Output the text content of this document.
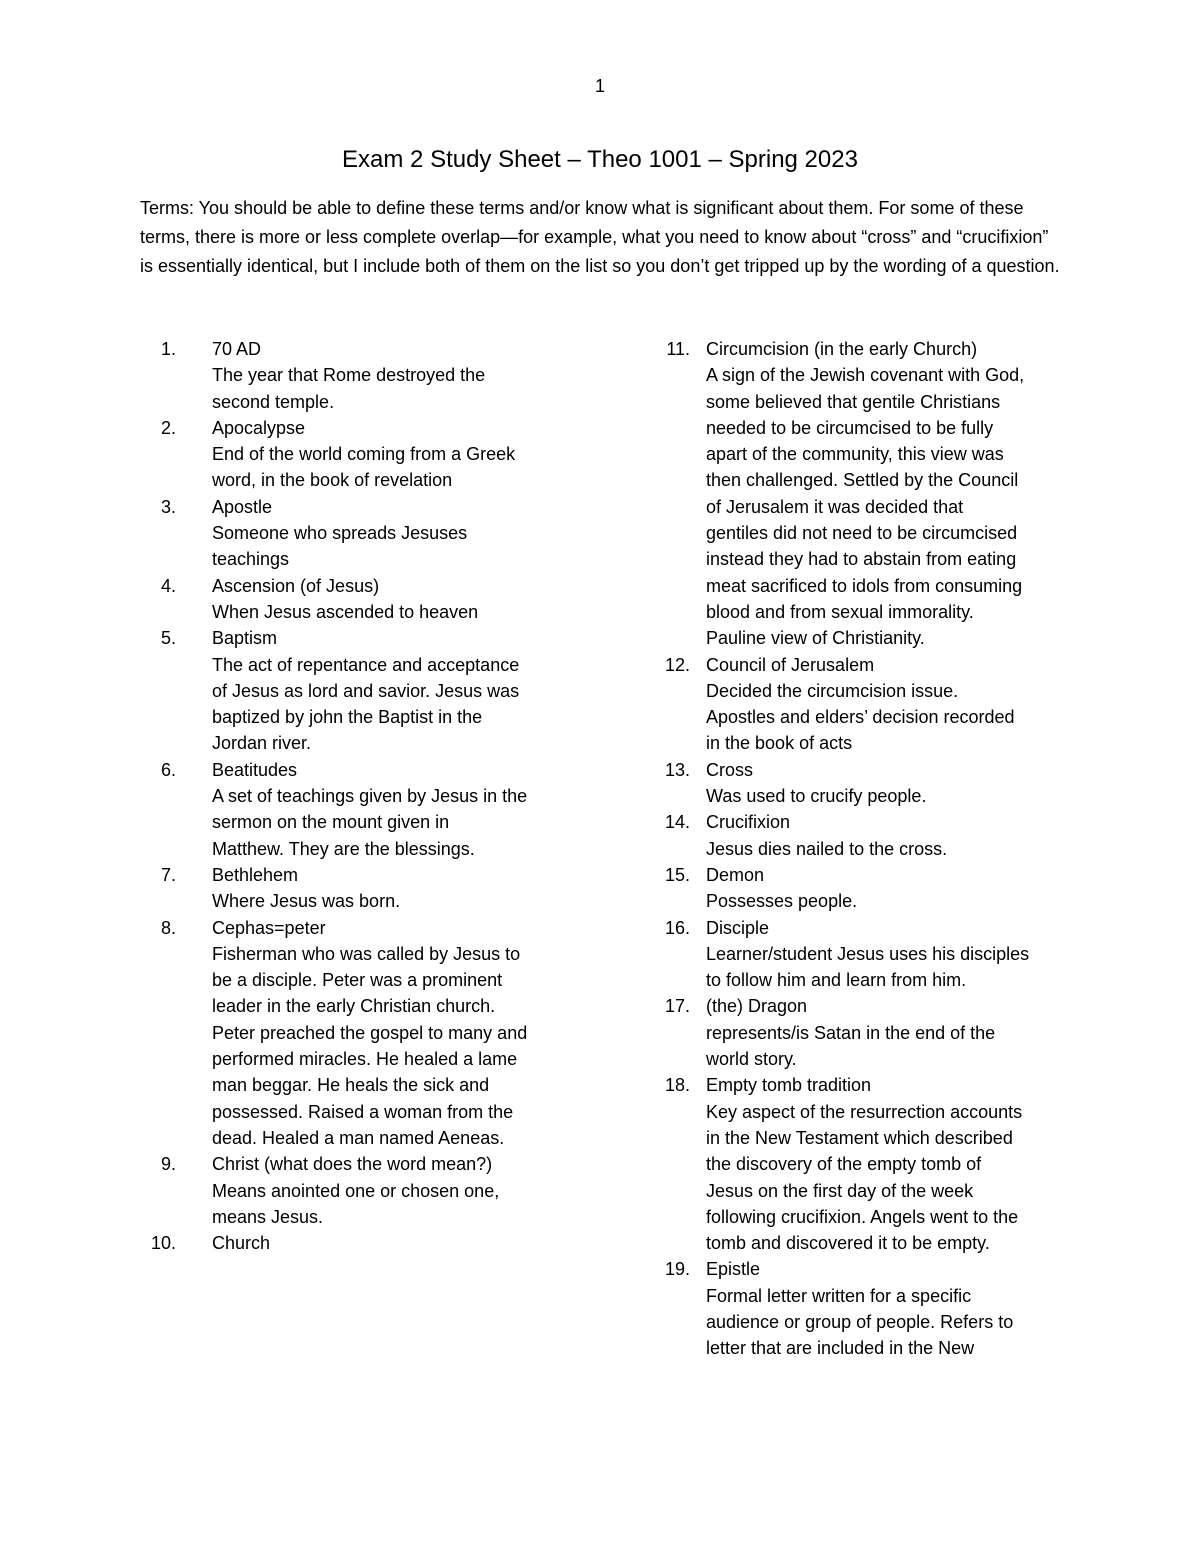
1
Exam 2 Study Sheet – Theo 1001 – Spring 2023

Terms: You should be able to define these terms and/or know what is significant about them. For some of these terms, there is more or less complete overlap—for example, what you need to know about “cross” and “crucifixion” is essentially identical, but I include both of them on the list so you don’t get tripped up by the wording of a question.

1. 70 AD
The year that Rome destroyed the
second temple.
2. Apocalypse
End of the world coming from a Greek
word, in the book of revelation
3. Apostle
Someone who spreads Jesuses
teachings
4. Ascension (of Jesus)
When Jesus ascended to heaven
5. Baptism
The act of repentance and acceptance
of Jesus as lord and savior. Jesus was
baptized by john the Baptist in the
Jordan river.
6. Beatitudes
A set of teachings given by Jesus in the
sermon on the mount given in
Matthew. They are the blessings.
7. Bethlehem
Where Jesus was born.
8. Cephas=peter
Fisherman who was called by Jesus to
be a disciple. Peter was a prominent
leader in the early Christian church.
Peter preached the gospel to many and
performed miracles. He healed a lame
man beggar. He heals the sick and
possessed. Raised a woman from the
dead. Healed a man named Aeneas.
9. Christ (what does the word mean?)
Means anointed one or chosen one,
means Jesus.
10. Church
11. Circumcision (in the early Church)
A sign of the Jewish covenant with God,
some believed that gentile Christians
needed to be circumcised to be fully
apart of the community, this view was
then challenged. Settled by the Council
of Jerusalem it was decided that
gentiles did not need to be circumcised
instead they had to abstain from eating
meat sacrificed to idols from consuming
blood and from sexual immorality.
Pauline view of Christianity.
12. Council of Jerusalem
Decided the circumcision issue.
Apostles and elders’ decision recorded
in the book of acts
13. Cross
Was used to crucify people.
14. Crucifixion
Jesus dies nailed to the cross.
15. Demon
Possesses people.
16. Disciple
Learner/student Jesus uses his disciples
to follow him and learn from him.
17. (the) Dragon
represents/is Satan in the end of the
world story.
18. Empty tomb tradition
Key aspect of the resurrection accounts
in the New Testament which described
the discovery of the empty tomb of
Jesus on the first day of the week
following crucifixion. Angels went to the
tomb and discovered it to be empty.
19. Epistle
Formal letter written for a specific
audience or group of people. Refers to
letter that are included in the New
